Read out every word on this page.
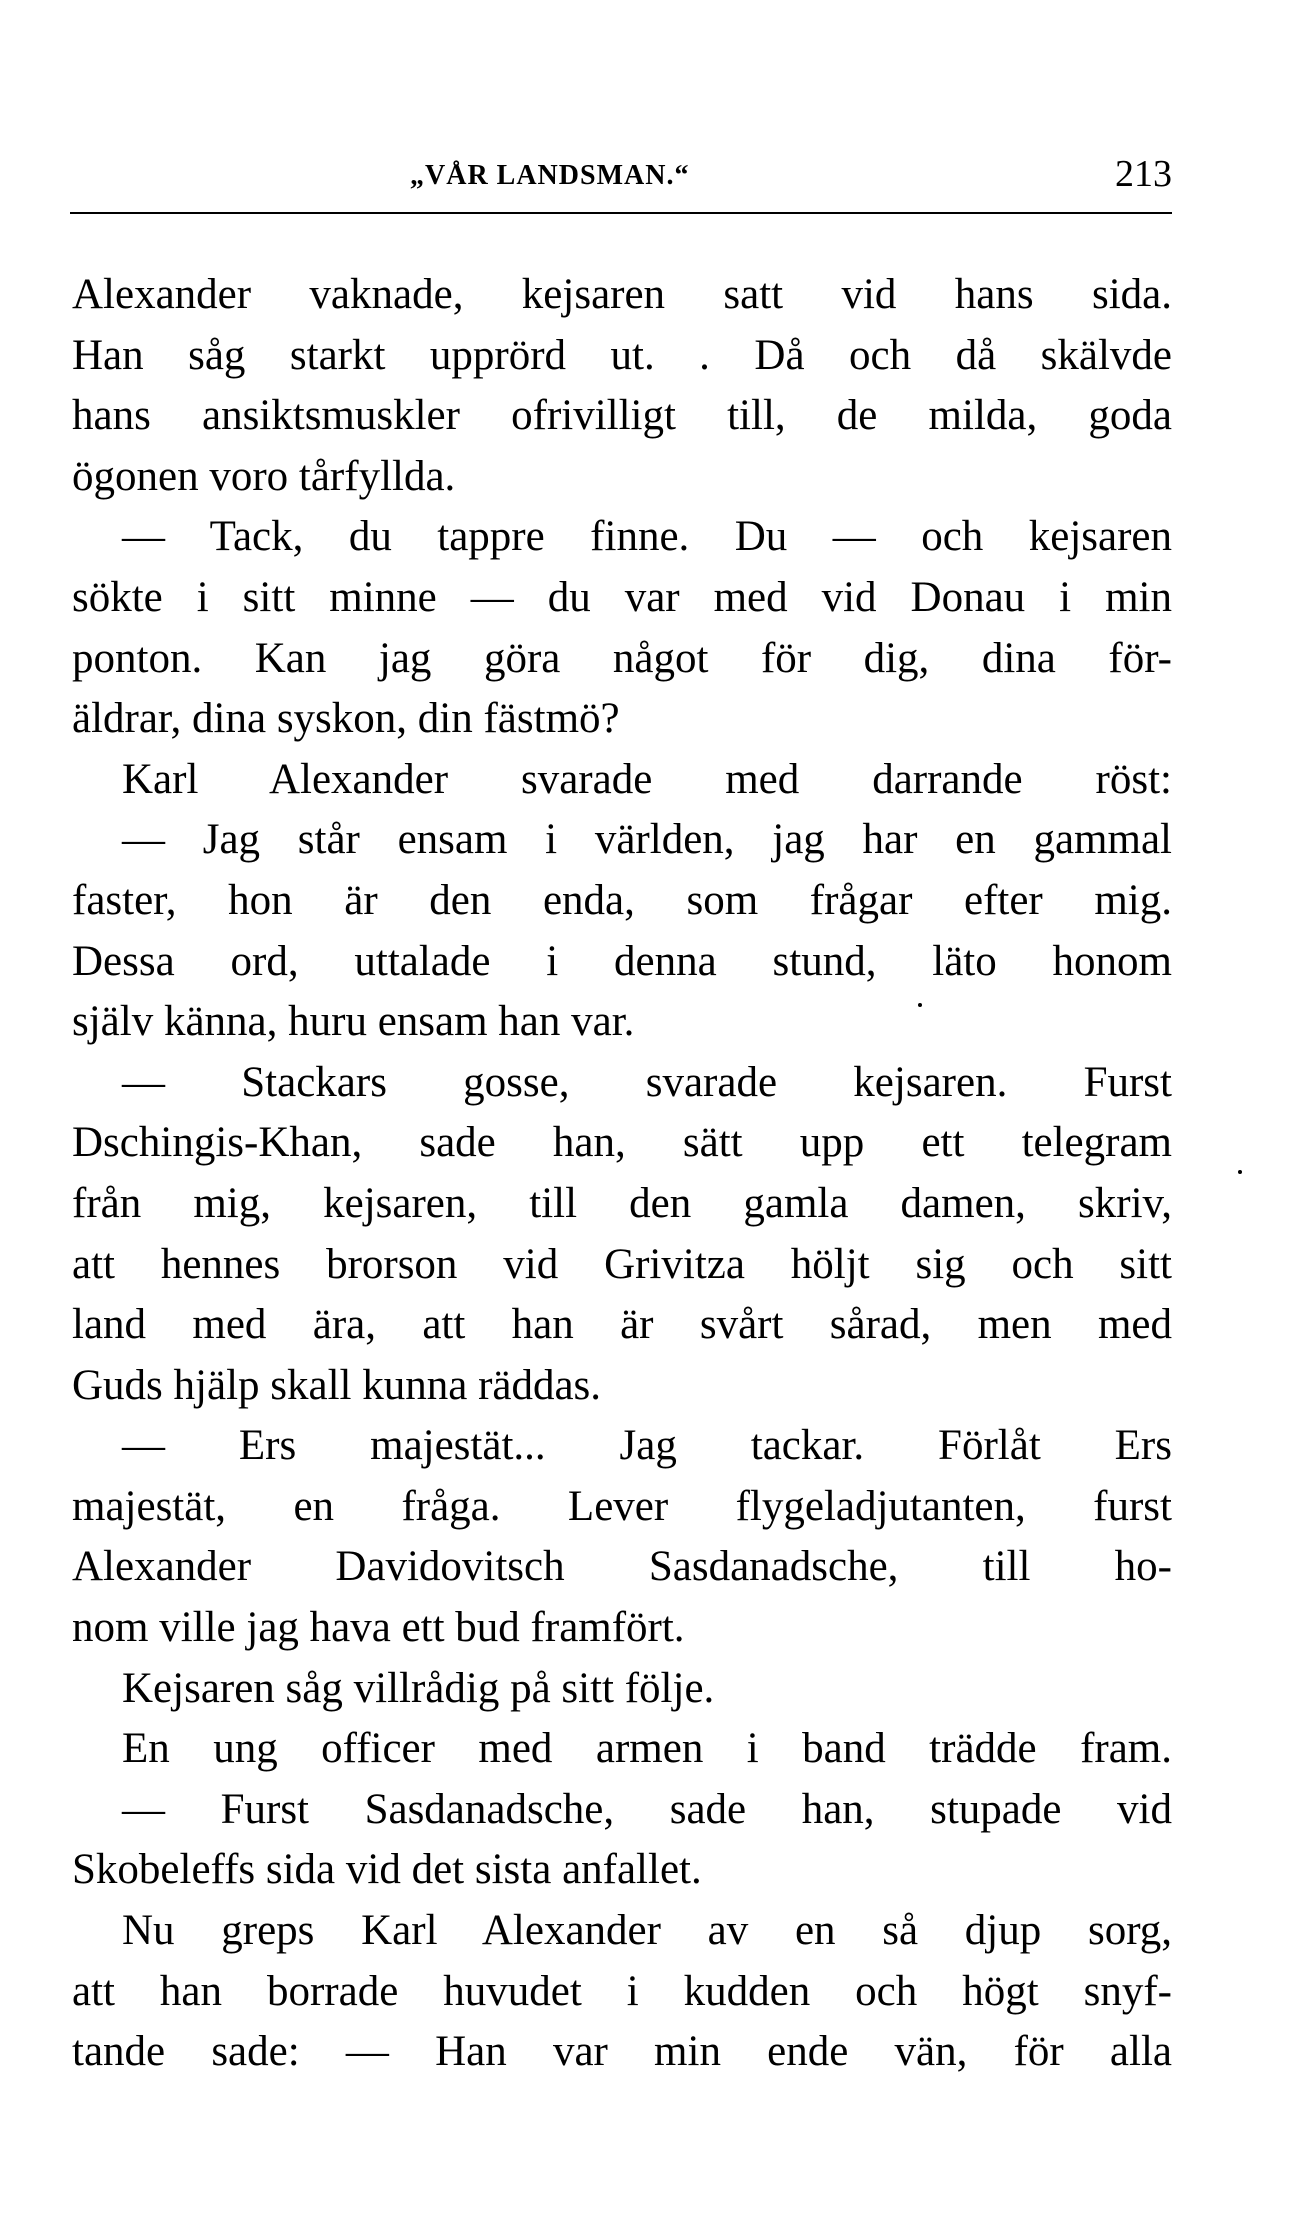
„VÅR LANDSMAN.“	213
Alexander vaknade, kejsaren satt vid hans sida.
Han såg starkt upprörd ut. . Då och då skälvde
hans ansiktsmuskler ofrivilligt till, de milda, goda
ögonen voro tårfyllda.
— Tack, du tappre finne. Du — och kejsaren
sökte i sitt minne — du var med vid Donau i min
ponton. Kan jag göra något för dig, dina för-
äldrar, dina syskon, din fästmö?
Karl Alexander svarade med darrande röst:
— Jag står ensam i världen, jag har en gammal
faster, hon är den enda, som frågar efter mig.
Dessa ord, uttalade i denna stund, läto honom
själv känna, huru ensam han var.
— Stackars gosse, svarade kejsaren. Furst
Dschingis-Khan, sade han, sätt upp ett telegram
från mig, kejsaren, till den gamla damen, skriv,
att hennes brorson vid Grivitza höljt sig och sitt
land med ära, att han är svårt sårad, men med
Guds hjälp skall kunna räddas.
— Ers majestät... Jag tackar. Förlåt Ers
majestät, en fråga. Lever flygeladjutanten, furst
Alexander Davidovitsch Sasdanadsche, till ho-
nom ville jag hava ett bud framfört.
Kejsaren såg villrådig på sitt följe.
En ung officer med armen i band trädde fram.
— Furst Sasdanadsche, sade han, stupade vid
Skobeleffs sida vid det sista anfallet.
Nu greps Karl Alexander av en så djup sorg,
att han borrade huvudet i kudden och högt snyf-
tande sade: — Han var min ende vän, för alla
